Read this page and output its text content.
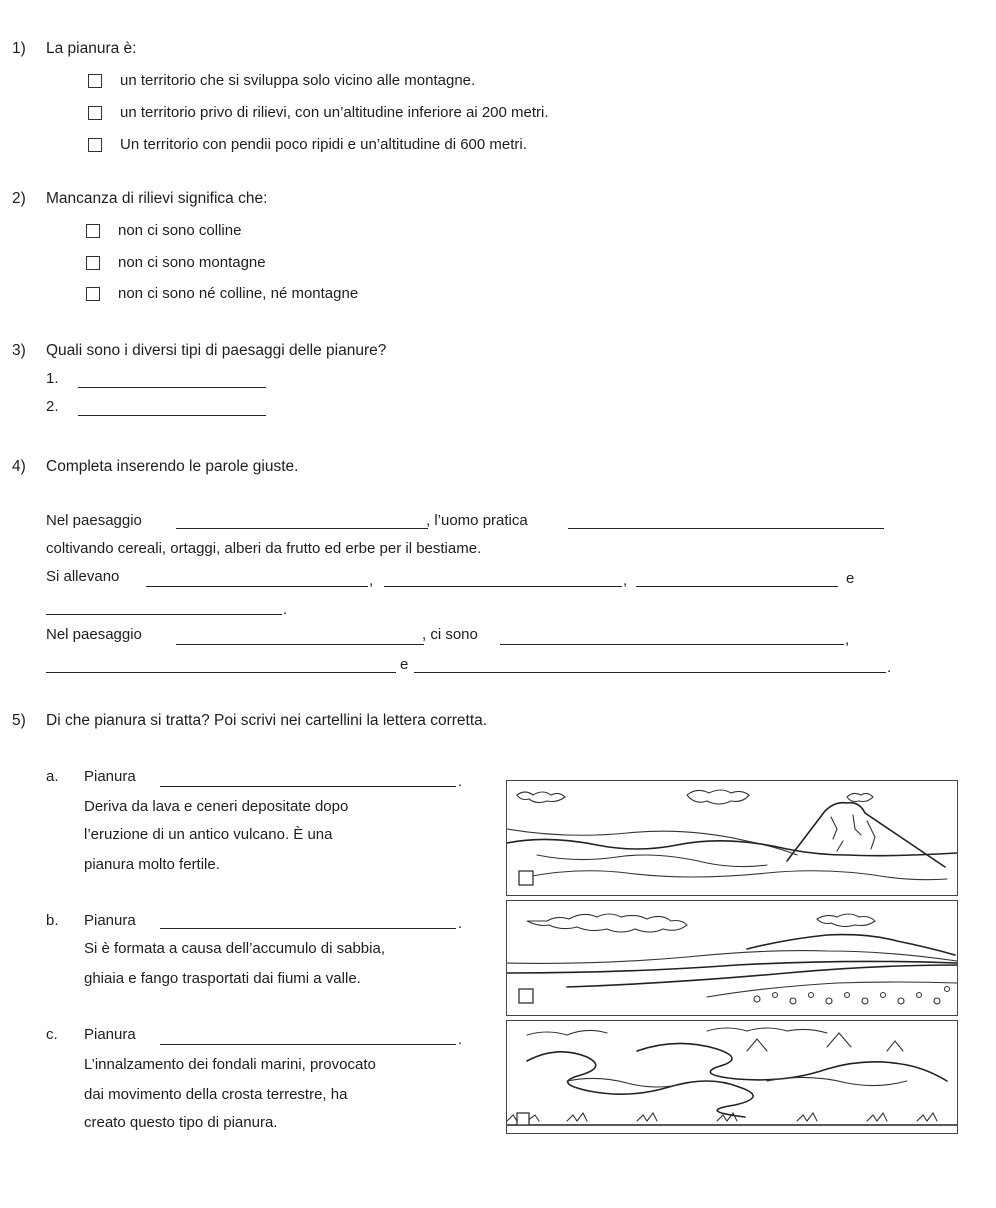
1) La pianura è:
un territorio che si sviluppa solo vicino alle montagne.
un territorio privo di rilievi, con un’altitudine inferiore ai 200 metri.
Un territorio con pendii poco ripidi e un’altitudine di 600 metri.
2) Mancanza di rilievi significa che:
non ci sono colline
non ci sono montagne
non ci sono né colline, né montagne
3) Quali sono i diversi tipi di paesaggi delle pianure?
1.
2.
4) Completa inserendo le parole giuste.
Nel paesaggio	, l’uomo pratica
coltivando cereali, ortaggi, alberi da frutto ed erbe per il bestiame.
Si allevano	,	,	e
.
Nel paesaggio	, ci sono	,
e	.
5) Di che pianura si tratta? Poi scrivi nei cartellini la lettera corretta.
a. Pianura	.
Deriva da lava e ceneri depositate dopo
l’eruzione di un antico vulcano. È una
pianura molto fertile.
b. Pianura	.
Si è formata a causa dell’accumulo di sabbia,
ghiaia e fango trasportati dai fiumi a valle.
c. Pianura	.
L’innalzamento dei fondali marini, provocato
dai movimento della crosta terrestre, ha
creato questo tipo di pianura.
